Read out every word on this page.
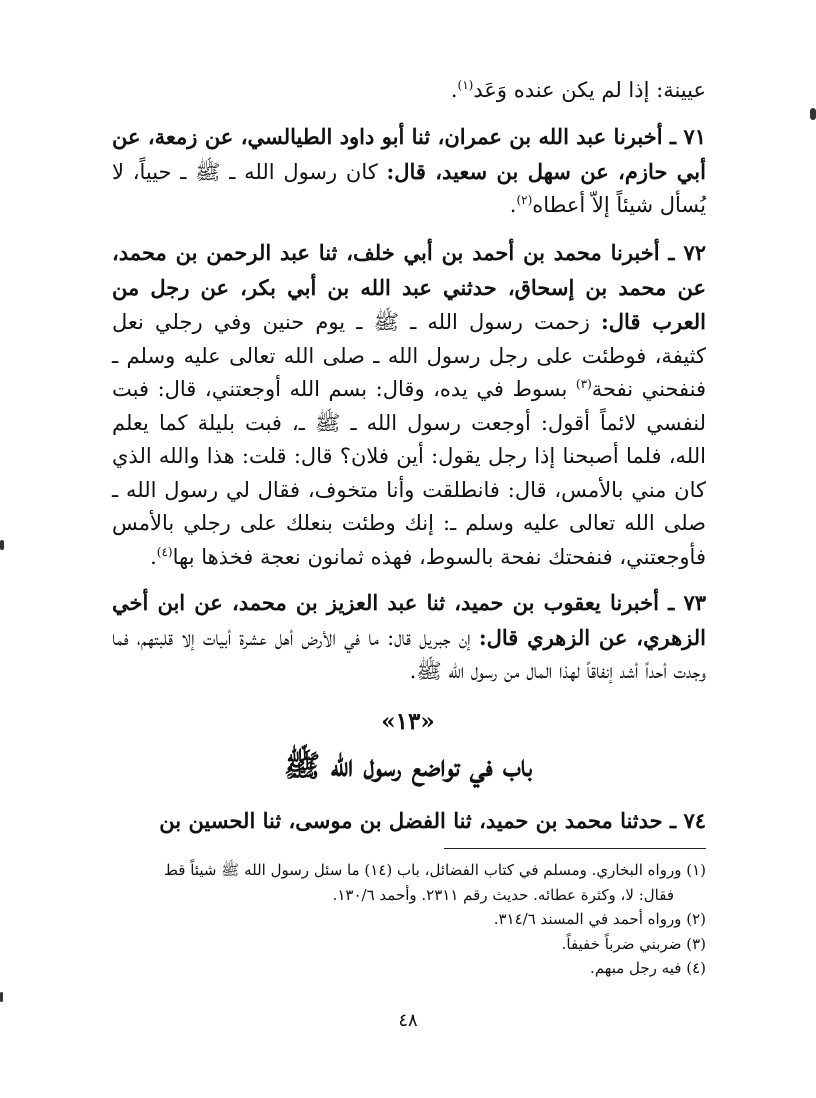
عيينة: إذا لم يكن عنده وَعَد$^{(١)}$.
٧١ ـ أخبرنا عبد الله بن عمران، ثنا أبو داود الطيالسي، عن زمعة، عن أبي حازم، عن سهل بن سعيد، قال: كان رسول الله ـ ﷺ ـ حيياً، لا يُسأل شيئاً إلاّ أعطاه$^{(٢)}$.
٧٢ ـ أخبرنا محمد بن أحمد بن أبي خلف، ثنا عبد الرحمن بن محمد، عن محمد بن إسحاق، حدثني عبد الله بن أبي بكر، عن رجل من العرب قال: زحمت رسول الله ـ ﷺ ـ يوم حنين وفي رجلي نعل كثيفة، فوطئت على رجل رسول الله ـ صلى الله تعالى عليه وسلم ـ فنفحني نفحة$^{(٣)}$ بسوط في يده، وقال: بسم الله أوجعتني، قال: فبت لنفسي لائماً أقول: أوجعت رسول الله ـ ﷺ ـ، فبت بليلة كما يعلم الله، فلما أصبحنا إذا رجل يقول: أين فلان؟ قال: قلت: هذا والله الذي كان مني بالأمس، قال: فانطلقت وأنا متخوف، فقال لي رسول الله ـ صلى الله تعالى عليه وسلم ـ: إنك وطئت بنعلك على رجلي بالأمس فأوجعتني، فنفحتك نفحة بالسوط، فهذه ثمانون نعجة فخذها بها$^{(٤)}$.
٧٣ ـ أخبرنا يعقوب بن حميد، ثنا عبد العزيز بن محمد، عن ابن أخي الزهري، عن الزهري قال: إن جبريل قال: ما في الأرض أهل عشرة أبيات إلا قلبتهم، فما وجدت أحداً أشد إنفاقاً لهذا المال من رسول الله ﷺ.
«١٣»
باب في تواضع رسول الله ﷺ
٧٤ ـ حدثنا محمد بن حميد، ثنا الفضل بن موسى، ثنا الحسين بن
(١) ورواه البخاري. ومسلم في كتاب الفضائل، باب (١٤) ما سئل رسول الله ﷺ شيئاً قط
فقال: لا، وكثرة عطائه. حديث رقم ٢٣١١. وأحمد ١٣٠/٦.
(٢) ورواه أحمد في المسند ٣١٤/٦.
(٣) ضربني ضرباً خفيفاً.
(٤) فيه رجل مبهم.
٤٨
